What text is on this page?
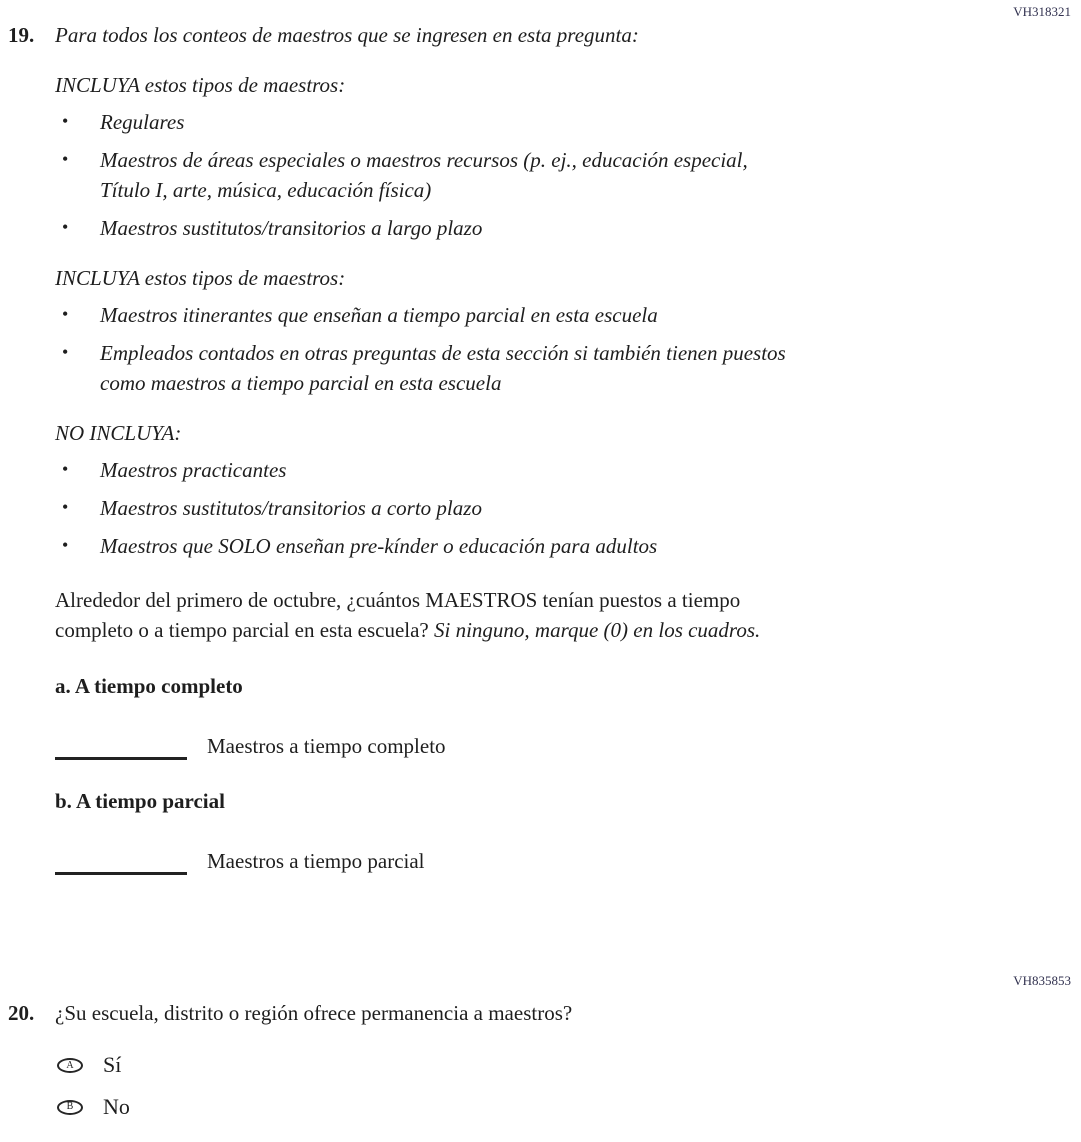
VH318321
19. Para todos los conteos de maestros que se ingresen en esta pregunta:

INCLUYA estos tipos de maestros:
•	Regulares
•	Maestros de áreas especiales o maestros recursos (p. ej., educación especial, Título I, arte, música, educación física)
•	Maestros sustitutos/transitorios a largo plazo
INCLUYA estos tipos de maestros:
•	Maestros itinerantes que enseñan a tiempo parcial en esta escuela
•	Empleados contados en otras preguntas de esta sección si también tienen puestos como maestros a tiempo parcial en esta escuela
NO INCLUYA:
•	Maestros practicantes
•	Maestros sustitutos/transitorios a corto plazo
•	Maestros que SOLO enseñan pre-kínder o educación para adultos

Alrededor del primero de octubre, ¿cuántos MAESTROS tenían puestos a tiempo completo o a tiempo parcial en esta escuela? Si ninguno, marque (0) en los cuadros.

a. A tiempo completo
Maestros a tiempo completo
b. A tiempo parcial
Maestros a tiempo parcial
VH835853
20. ¿Su escuela, distrito o región ofrece permanencia a maestros?
A	Sí
B	No
